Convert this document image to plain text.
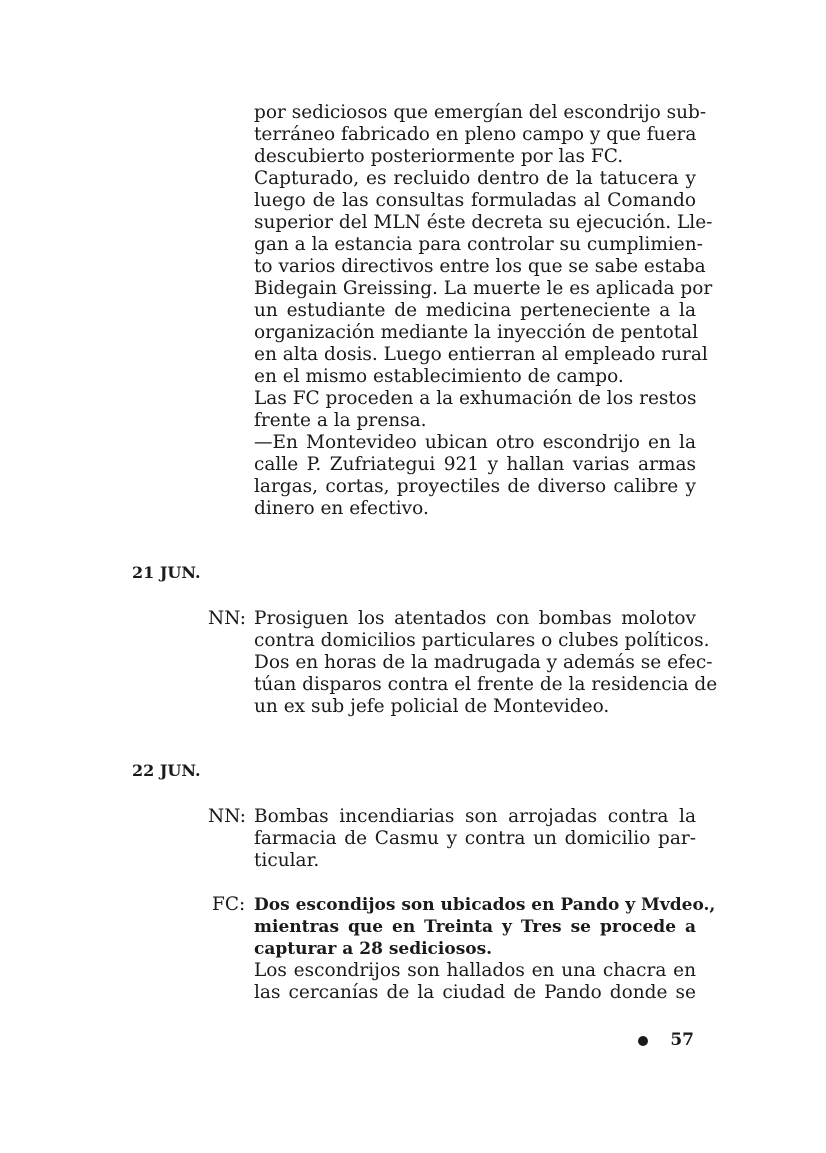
por sediciosos que emergían del escondrijo sub-
terráneo fabricado en pleno campo y que fuera
descubierto posteriormente por las FC.
Capturado, es recluido dentro de la tatucera y
luego de las consultas formuladas al Comando
superior del MLN éste decreta su ejecución. Lle-
gan a la estancia para controlar su cumplimien-
to varios directivos entre los que se sabe estaba
Bidegain Greissing. La muerte le es aplicada por
un estudiante de medicina perteneciente a la
organización mediante la inyección de pentotal
en alta dosis. Luego entierran al empleado rural
en el mismo establecimiento de campo.
Las FC proceden a la exhumación de los restos
frente a la prensa.
—En Montevideo ubican otro escondrijo en la
calle P. Zufriategui 921 y hallan varias armas
largas, cortas, proyectiles de diverso calibre y
dinero en efectivo.
21 JUN.
NN: Prosiguen los atentados con bombas molotov
contra domicilios particulares o clubes políticos.
Dos en horas de la madrugada y además se efec-
túan disparos contra el frente de la residencia de
un ex sub jefe policial de Montevideo.
22 JUN.
NN: Bombas incendiarias son arrojadas contra la
farmacia de Casmu y contra un domicilio par-
ticular.
FC: Dos escondijos son ubicados en Pando y Mvdeo.,
mientras que en Treinta y Tres se procede a
capturar a 28 sediciosos.
Los escondrijos son hallados en una chacra en
las cercanías de la ciudad de Pando donde se
57
